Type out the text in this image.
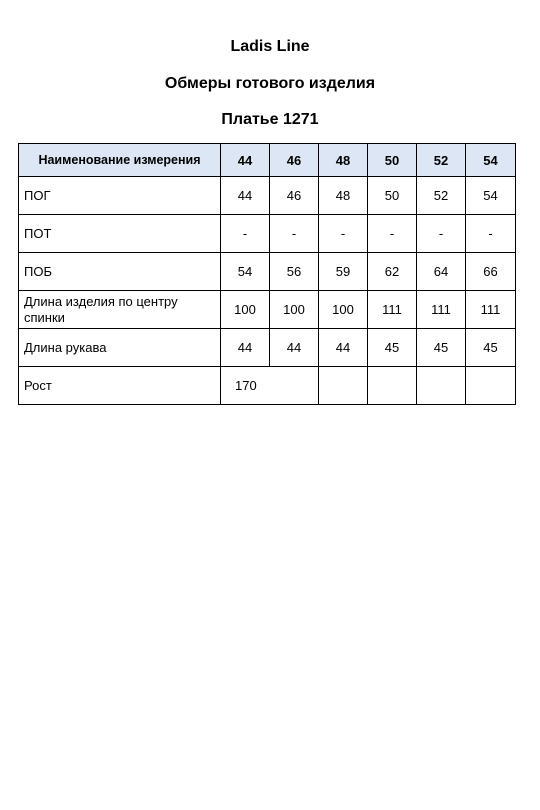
Ladis Line
Обмеры готового изделия
Платье 1271
Наименование измерения	44	46	48	50	52	54
ПОГ	44	46	48	50	52	54
ПОТ	-	-	-	-	-	-
ПОБ	54	56	59	62	64	66
Длина изделия по центру спинки	100	100	100	111	111	111
Длина рукава	44	44	44	45	45	45
Рост	170					
